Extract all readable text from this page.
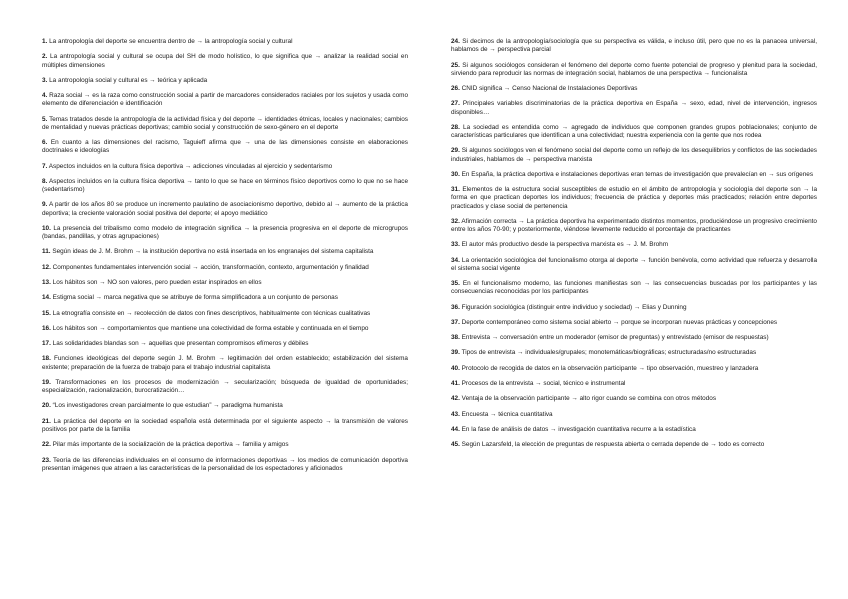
1. La antropología del deporte se encuentra dentro de → la antropología social y cultural

2. La antropología social y cultural se ocupa del SH de modo holístico, lo que significa que → analizar la realidad social en múltiples dimensiones

3. La antropología social y cultural es → teórica y aplicada

4. Raza social → es la raza como construcción social a partir de marcadores considerados raciales por los sujetos y usada como elemento de diferenciación e identificación

5. Temas tratados desde la antropología de la actividad física y del deporte → identidades étnicas, locales y nacionales; cambios de mentalidad y nuevas prácticas deportivas; cambio social y construcción de sexo-género en el deporte

6. En cuanto a las dimensiones del racismo, Taguieff afirma que → una de las dimensiones consiste en elaboraciones doctrinales e ideologías

7. Aspectos incluidos en la cultura física deportiva → adicciones vinculadas al ejercicio y sedentarismo

8. Aspectos incluidos en la cultura física deportiva → tanto lo que se hace en términos físico deportivos como lo que no se hace (sedentarismo)

9. A partir de los años 80 se produce un incremento paulatino de asociacionismo deportivo, debido al → aumento de la práctica deportiva; la creciente valoración social positiva del deporte; el apoyo mediático

10. La presencia del tribalismo como modelo de integración significa → la presencia progresiva en el deporte de microgrupos (bandas, pandillas, y otras agrupaciones)

11. Según ideas de J. M. Brohm → la institución deportiva no está insertada en los engranajes del sistema capitalista

12. Componentes fundamentales intervención social → acción, transformación, contexto, argumentación y finalidad

13. Los hábitos son → NO son valores, pero pueden estar inspirados en ellos

14. Estigma social → marca negativa que se atribuye de forma simplificadora a un conjunto de personas

15. La etnografía consiste en → recolección de datos con fines descriptivos, habitualmente con técnicas cualitativas

16. Los hábitos son → comportamientos que mantiene una colectividad de forma estable y continuada en el tiempo

17. Las solidaridades blandas son → aquellas que presentan compromisos efímeros y débiles

18. Funciones ideológicas del deporte según J. M. Brohm → legitimación del orden establecido; estabilización del sistema existente; preparación de la fuerza de trabajo para el trabajo industrial capitalista

19. Transformaciones en los procesos de modernización → secularización; búsqueda de igualdad de oportunidades; especialización, racionalización, burocratización…

20. “Los investigadores crean parcialmente lo que estudian” → paradigma humanista

21. La práctica del deporte en la sociedad española está determinada por el siguiente aspecto → la transmisión de valores positivos por parte de la familia

22. Pilar más importante de la socialización de la práctica deportiva → familia y amigos

23. Teoría de las diferencias individuales en el consumo de informaciones deportivas → los medios de comunicación deportiva presentan imágenes que atraen a las características de la personalidad de los espectadores y aficionados

24. Si decimos de la antropología/sociología que su perspectiva es válida, e incluso útil, pero que no es la panacea universal, hablamos de → perspectiva parcial

25. Si algunos sociólogos consideran el fenómeno del deporte como fuente potencial de progreso y plenitud para la sociedad, sirviendo para reproducir las normas de integración social, hablamos de una perspectiva → funcionalista

26. CNID significa → Censo Nacional de Instalaciones Deportivas

27. Principales variables discriminatorias de la práctica deportiva en España → sexo, edad, nivel de intervención, ingresos disponibles…

28. La sociedad es entendida como → agregado de individuos que componen grandes grupos poblacionales; conjunto de características particulares que identifican a una colectividad; nuestra experiencia con la gente que nos rodea

29. Si algunos sociólogos ven el fenómeno social del deporte como un reflejo de los desequilibrios y conflictos de las sociedades industriales, hablamos de → perspectiva marxista

30. En España, la práctica deportiva e instalaciones deportivas eran temas de investigación que prevalecían en → sus orígenes

31. Elementos de la estructura social susceptibles de estudio en el ámbito de antropología y sociología del deporte son → la forma en que practican deportes los individuos; frecuencia de práctica y deportes más practicados; relación entre deportes practicados y clase social de pertenencia

32. Afirmación correcta → La práctica deportiva ha experimentado distintos momentos, produciéndose un progresivo crecimiento entre los años 70-90; y posteriormente, viéndose levemente reducido el porcentaje de practicantes

33. El autor más productivo desde la perspectiva marxista es → J. M. Brohm

34. La orientación sociológica del funcionalismo otorga al deporte → función benévola, como actividad que refuerza y desarrolla el sistema social vigente

35. En el funcionalismo moderno, las funciones manifiestas son → las consecuencias buscadas por los participantes y las consecuencias reconocidas por los participantes

36. Figuración sociológica (distinguir entre individuo y sociedad) → Elias y Dunning

37. Deporte contemporáneo como sistema social abierto → porque se incorporan nuevas prácticas y concepciones

38. Entrevista → conversación entre un moderador (emisor de preguntas) y entrevistado (emisor de respuestas)

39. Tipos de entrevista → individuales/grupales; monotemáticas/biográficas; estructuradas/no estructuradas

40. Protocolo de recogida de datos en la observación participante → tipo observación, muestreo y lanzadera

41. Procesos de la entrevista → social, técnico e instrumental

42. Ventaja de la observación participante → alto rigor cuando se combina con otros métodos

43. Encuesta → técnica cuantitativa

44. En la fase de análisis de datos → investigación cuantitativa recurre a la estadística

45. Según Lazarsfeld, la elección de preguntas de respuesta abierta o cerrada depende de → todo es correcto
